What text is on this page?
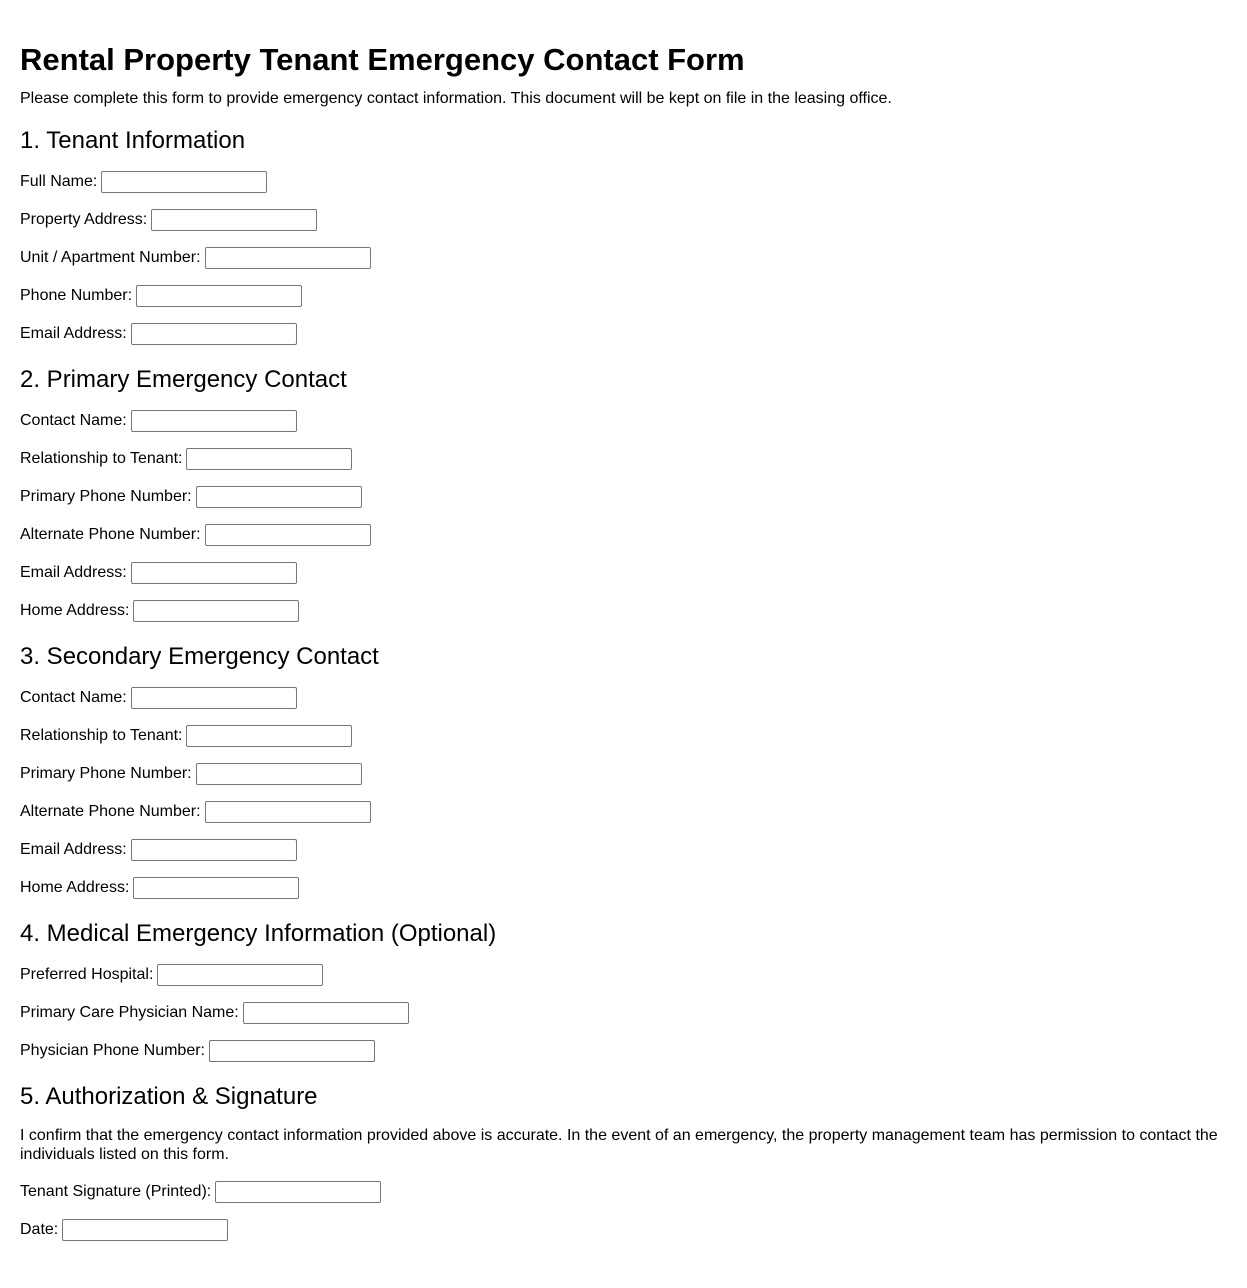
Rental Property Tenant Emergency Contact Form

Please complete this form to provide emergency contact information. This document will be kept on file in the leasing office.

1. Tenant Information
Full Name:
Property Address:
Unit / Apartment Number:
Phone Number:
Email Address:
2. Primary Emergency Contact
Contact Name:
Relationship to Tenant:
Primary Phone Number:
Alternate Phone Number:
Email Address:
Home Address:
3. Secondary Emergency Contact
Contact Name:
Relationship to Tenant:
Primary Phone Number:
Alternate Phone Number:
Email Address:
Home Address:
4. Medical Emergency Information (Optional)
Preferred Hospital:
Primary Care Physician Name:
Physician Phone Number:
5. Authorization & Signature

I confirm that the emergency contact information provided above is accurate. In the event of an emergency, the property management team has permission to contact the individuals listed on this form.

Tenant Signature (Printed):
Date:
